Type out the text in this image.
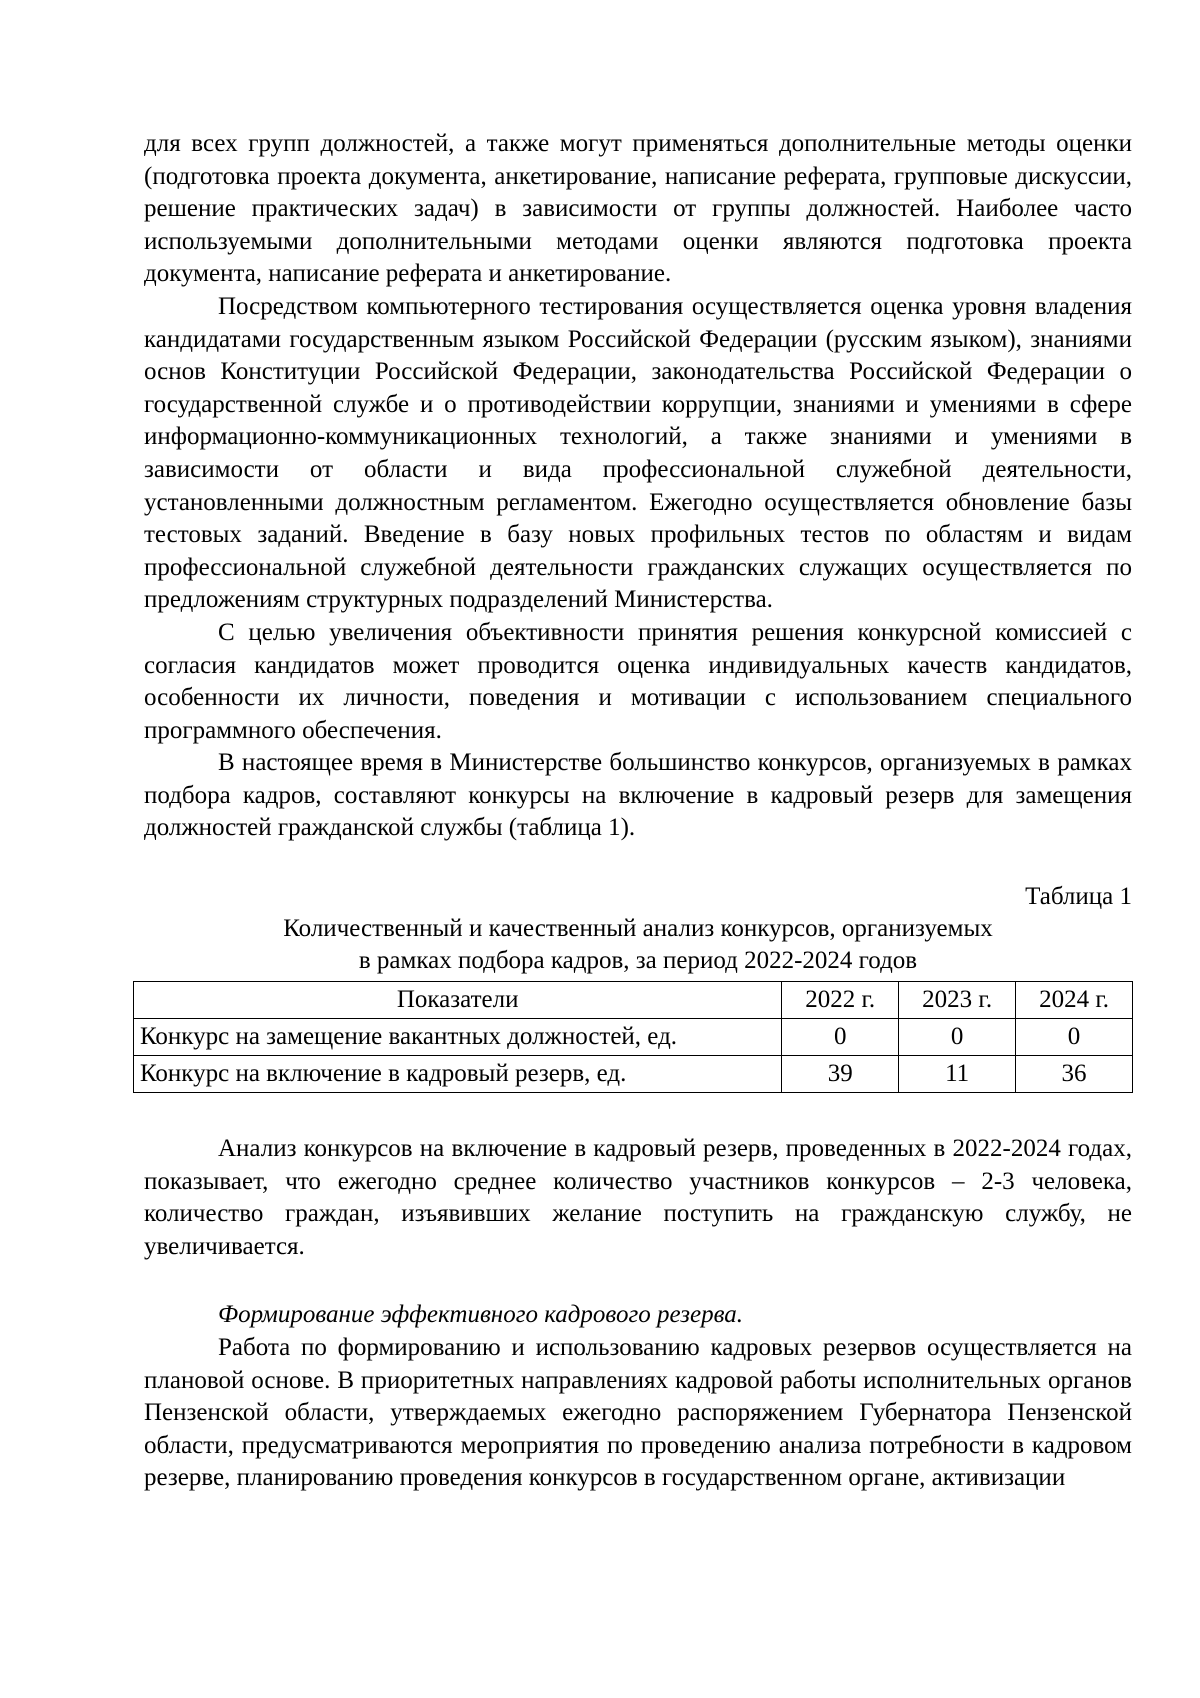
для всех групп должностей, а также могут применяться дополнительные методы оценки (подготовка проекта документа, анкетирование, написание реферата, групповые дискуссии, решение практических задач) в зависимости от группы должностей. Наиболее часто используемыми дополнительными методами оценки являются подготовка проекта документа, написание реферата и анкетирование.

Посредством компьютерного тестирования осуществляется оценка уровня владения кандидатами государственным языком Российской Федерации (русским языком), знаниями основ Конституции Российской Федерации, законодательства Российской Федерации о государственной службе и о противодействии коррупции, знаниями и умениями в сфере информационно-коммуникационных технологий, а также знаниями и умениями в зависимости от области и вида профессиональной служебной деятельности, установленными должностным регламентом. Ежегодно осуществляется обновление базы тестовых заданий. Введение в базу новых профильных тестов по областям и видам профессиональной служебной деятельности гражданских служащих осуществляется по предложениям структурных подразделений Министерства.

С целью увеличения объективности принятия решения конкурсной комиссией с согласия кандидатов может проводится оценка индивидуальных качеств кандидатов, особенности их личности, поведения и мотивации с использованием специального программного обеспечения.

В настоящее время в Министерстве большинство конкурсов, организуемых в рамках подбора кадров, составляют конкурсы на включение в кадровый резерв для замещения должностей гражданской службы (таблица 1).

Таблица 1

Количественный и качественный анализ конкурсов, организуемых
в рамках подбора кадров, за период 2022-2024 годов

Показатели	2022 г.	2023 г.	2024 г.
Конкурс на замещение вакантных должностей, ед.	0	0	0
Конкурс на включение в кадровый резерв, ед.	39	11	36

Анализ конкурсов на включение в кадровый резерв, проведенных в 2022-2024 годах, показывает, что ежегодно среднее количество участников конкурсов – 2-3 человека, количество граждан, изъявивших желание поступить на гражданскую службу, не увеличивается.

Формирование эффективного кадрового резерва.

Работа по формированию и использованию кадровых резервов осуществляется на плановой основе. В приоритетных направлениях кадровой работы исполнительных органов Пензенской области, утверждаемых ежегодно распоряжением Губернатора Пензенской области, предусматриваются мероприятия по проведению анализа потребности в кадровом резерве, планированию проведения конкурсов в государственном органе, активизации
